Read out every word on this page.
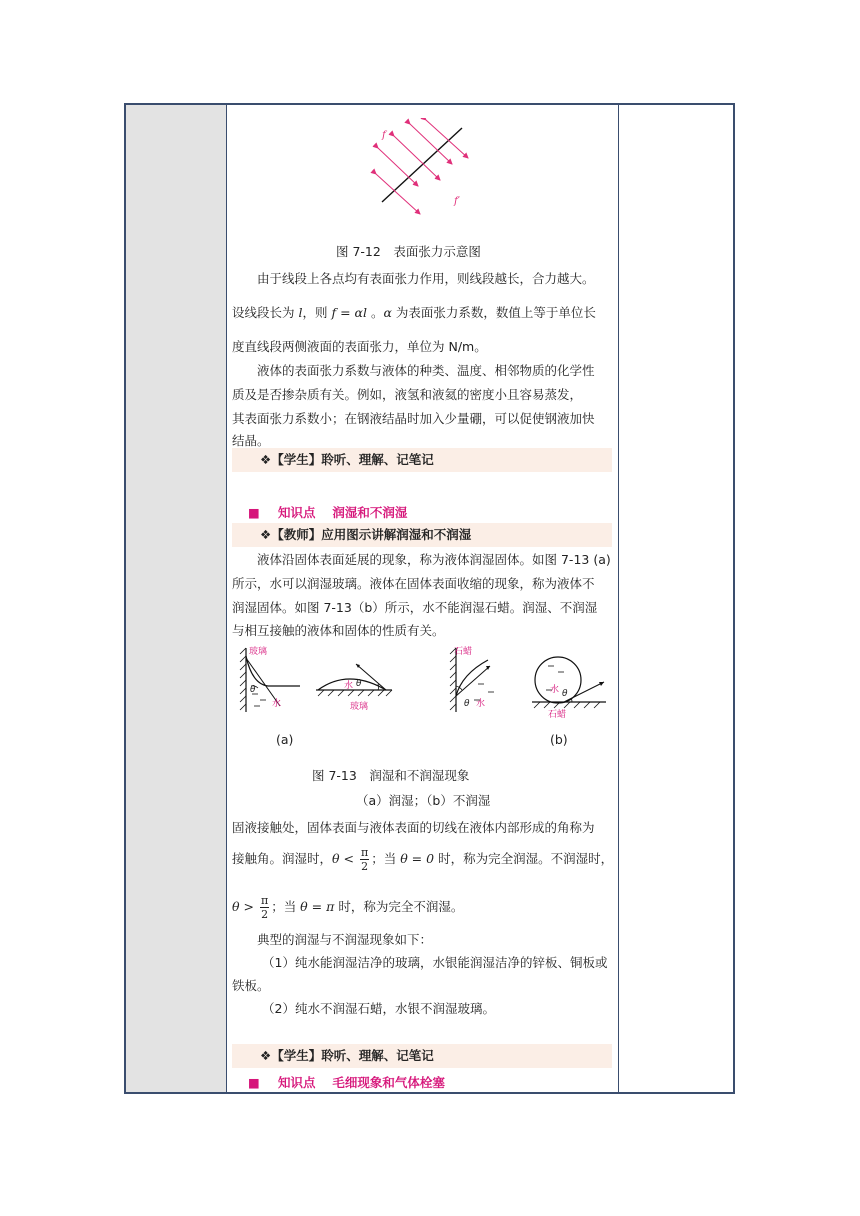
f
f′
图 7-12　表面张力示意图
由于线段上各点均有表面张力作用，则线段越长，合力越大。
设线段长为 l，则 f = αl 。α 为表面张力系数，数值上等于单位长
度直线段两侧液面的表面张力，单位为 N/m。
液体的表面张力系数与液体的种类、温度、相邻物质的化学性
质及是否掺杂质有关。例如，液氢和液氦的密度小且容易蒸发，
其表面张力系数小；在钢液结晶时加入少量硼，可以促使钢液加快
结晶。
❖【学生】聆听、理解、记笔记
■ 知识点　 润湿和不润湿
❖【教师】应用图示讲解润湿和不润湿
液体沿固体表面延展的现象，称为液体润湿固体。如图 7-13 (a)
所示，水可以润湿玻璃。液体在固体表面收缩的现象，称为液体不
润湿固体。如图 7-13（b）所示，水不能润湿石蜡。润湿、不润湿
与相互接触的液体和固体的性质有关。
玻璃
θ
水
水 θ
玻璃
石蜡
θ 水
水 θ
石蜡
(a)	(b)
图 7-13　润湿和不润湿现象
（a）润湿；（b）不润湿
固液接触处，固体表面与液体表面的切线在液体内部形成的角称为
接触角。润湿时，$\theta < \frac{\pi}{2}$ ；当 θ = 0 时，称为完全润湿。不润湿时，
$\theta > \frac{\pi}{2}$ ；当 θ = π 时，称为完全不润湿。
典型的润湿与不润湿现象如下：
（1）纯水能润湿洁净的玻璃，水银能润湿洁净的锌板、铜板或
铁板。
（2）纯水不润湿石蜡，水银不润湿玻璃。
❖【学生】聆听、理解、记笔记
■ 知识点　 毛细现象和气体栓塞
